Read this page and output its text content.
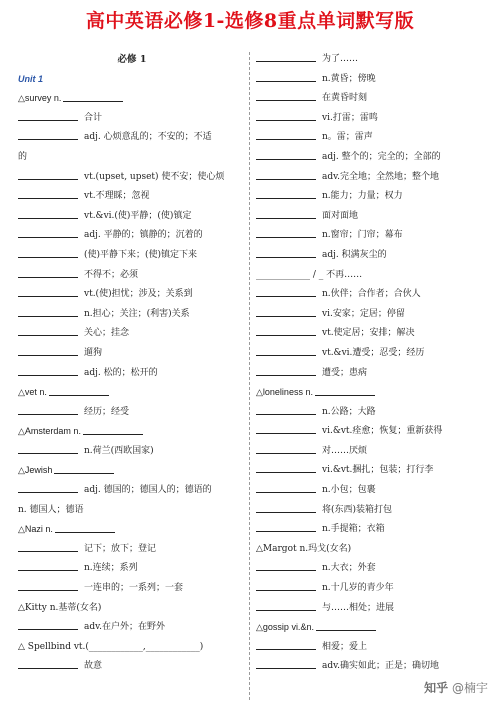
高中英语必修1-选修8重点单词默写版
必修 1
Unit 1
△survey n.
合计
adj. 心烦意乱的；不安的；不适
的
vt.(upset, upset) 使不安；使心烦
vt.不理睬；忽视
vt.&vi.(使)平静；(使)镇定
adj. 平静的；镇静的；沉着的
(使)平静下来；(使)镇定下来
不得不；必须
vt.(使)担忧；涉及；关系到
n.担心；关注；(利害)关系
关心；挂念
遛狗
adj. 松的；松开的
△vet n.
经历；经受
△Amsterdam n.
n.荷兰(西欧国家)
△Jewish
adj. 德国的；德国人的；德语的
n. 德国人；德语
△Nazi n.
记下；放下；登记
n.连续；系列
一连串的；一系列；一套
△Kitty n.基蒂(女名)
adv.在户外；在野外
△ Spellbind vt.(____________,____________)
故意
为了……
n.黄昏；傍晚
在黄昏时刻
vi.打雷；雷鸣
n。雷；雷声
adj. 整个的；完全的；全部的
adv.完全地；全然地；整个地
n.能力；力量；权力
面对面地
n.窗帘；门帘；幕布
adj. 积满灰尘的
____________ / _ 不再……
n.伙伴；合作者；合伙人
vi.安家；定居；停留
vt.使定居；安排；解决
vt.&vi.遭受；忍受；经历
遭受；患病
△loneliness n.
n.公路；大路
vi.&vt.痊愈；恢复；重新获得
对……厌烦
vi.&vt.捆扎；包装；打行李
n.小包；包裹
将(东西)装箱打包
n.手提箱；衣箱
△Margot n.玛戈(女名)
n.大衣；外套
n.十几岁的青少年
与……相处；进展
△gossip vi.&n.
相爱；爱上
adv.确实如此；正是；确切地
知乎 @楠宇
